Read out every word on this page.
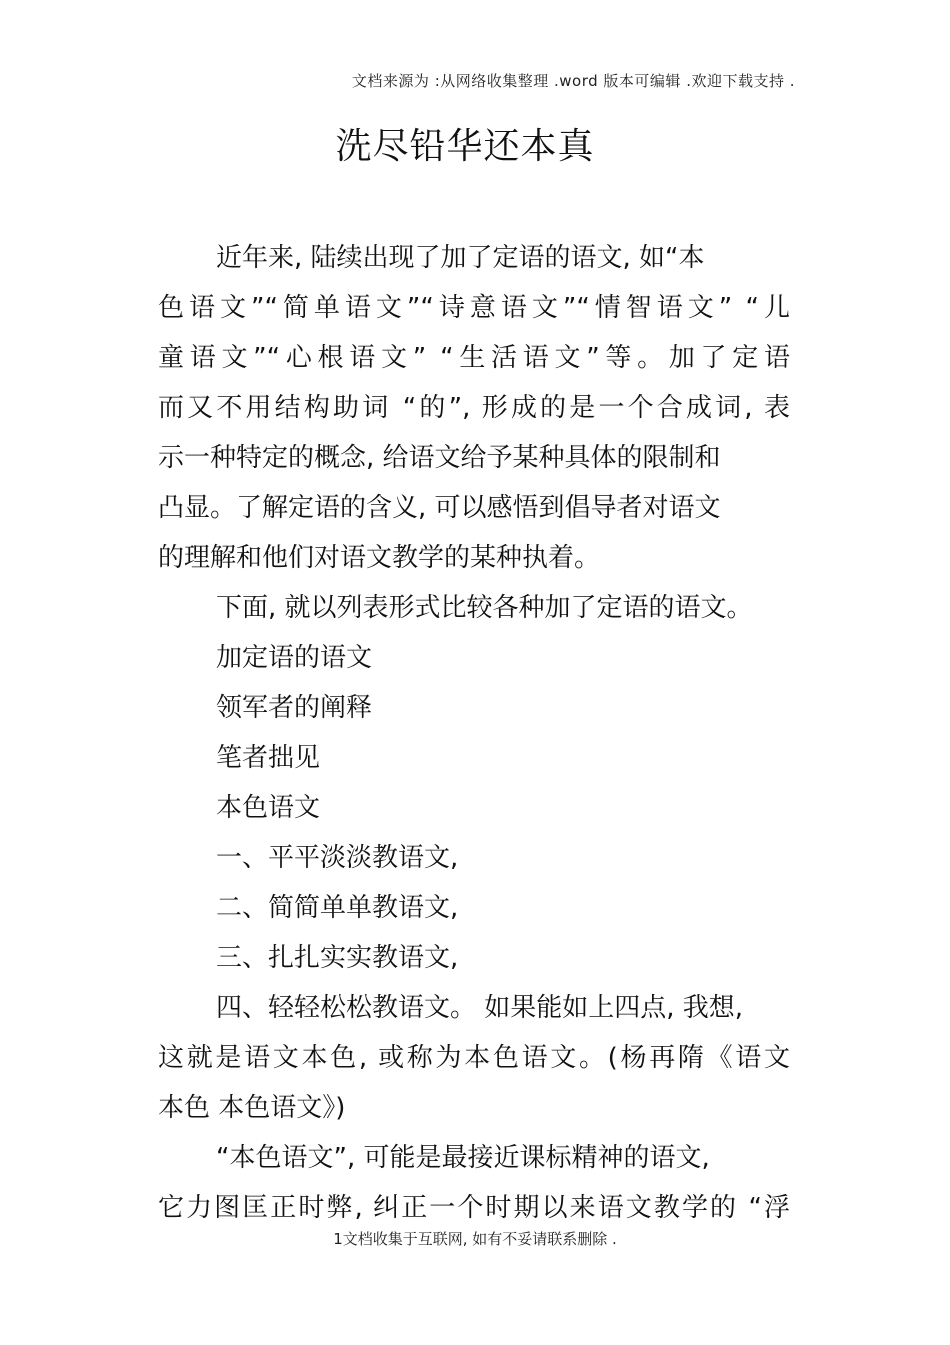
文档来源为 :从网络收集整理 .word 版本可编辑 .欢迎下载支持 .
洗尽铅华还本真
近年来, 陆续出现了加了定语的语文, 如“本
色语文”“简单语文”“诗意语文”“情智语文” “儿
童语文”“心根语文” “生活语文”等。加了定语
而又不用结构助词 “的”, 形成的是一个合成词, 表
示一种特定的概念, 给语文给予某种具体的限制和
凸显。了解定语的含义, 可以感悟到倡导者对语文
的理解和他们对语文教学的某种执着。
下面, 就以列表形式比较各种加了定语的语文。
加定语的语文
领军者的阐释
笔者拙见
本色语文
一、平平淡淡教语文,
二、简简单单教语文,
三、扎扎实实教语文,
四、轻轻松松教语文。 如果能如上四点, 我想,
这就是语文本色, 或称为本色语文。(杨再隋《语文
本色 本色语文》)
“本色语文”, 可能是最接近课标精神的语文,
它力图匡正时弊, 纠正一个时期以来语文教学的 “浮
1文档收集于互联网, 如有不妥请联系删除 .
